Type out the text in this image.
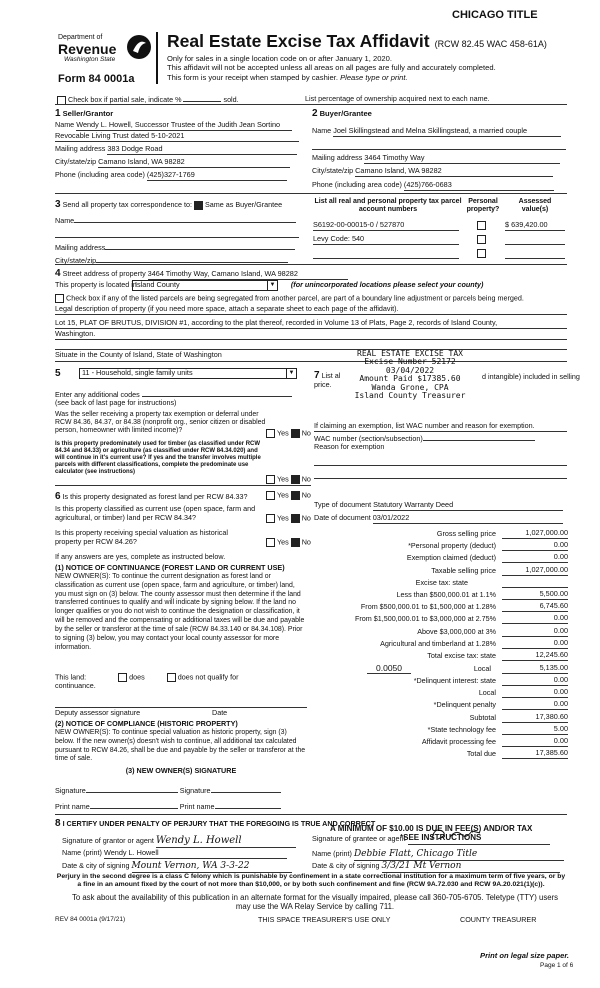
CHICAGO TITLE
Department of
Revenue
Washington State
Form 84 0001a
Real Estate Excise Tax Affidavit (RCW 82.45 WAC 458-61A)
Only for sales in a single location code on or after January 1, 2020.
This affidavit will not be accepted unless all areas on all pages are fully and accurately completed.
This form is your receipt when stamped by cashier. Please type or print.
Check box if partial sale, indicate %	sold.	List percentage of ownership acquired next to each name.
1 Seller/Grantor
Name Wendy L. Howell, Successor Trustee of the Judith Jean Sortino
Revocable Living Trust dated 5-10-2021
Mailing address 383 Dodge Road
City/state/zip Camano Island, WA 98282
Phone (including area code) (425)327-1769
2 Buyer/Grantee
Name Joel Skillingstead and Melna Skillingstead, a married couple
Mailing address 3464 Timothy Way
City/state/zip Camano Island, WA 98282
Phone (including area code) (425)766-0683
3 Send all property tax correspondence to: Same as Buyer/Grantee
Name
Mailing address
City/state/zip
List all real and personal property tax parcel account numbers
Personal property?
Assessed value(s)
S6192-00-00015-0 / 527870	$ 639,420.00
Levy Code: 540
4 Street address of property 3464 Timothy Way, Camano Island, WA 98282
This property is located in
Island County	▼ (for unincorporated locations please select your county)
Check box if any of the listed parcels are being segregated from another parcel, are part of a boundary line adjustment or parcels being merged.
Legal description of property (if you need more space, attach a separate sheet to each page of the affidavit).
Lot 15, PLAT OF BRUTUS, DIVISION #1, according to the plat thereof, recorded in Volume 13 of Plats, Page 2, records of Island County,
Washington.
Situate in the County of Island, State of Washington	REAL ESTATE EXCISE TAX
Excise Number 52172
03/04/2022
Amount Paid $17385.60
Wanda Grone, CPA
Island County Treasurer
5	11 - Household, single family units	▼
Enter any additional codes
(see back of last page for instructions)
Was the seller receiving a property tax exemption or deferral under RCW 84.36, 84.37, or 84.38 (nonprofit org., senior citizen or disabled person, homeowner with limited income)?	Yes No
Is this property predominately used for timber (as classified under RCW 84.34 and 84.33) or agriculture (as classified under RCW 84.34.020) and will continue in it's current use? If yes and the transfer involves multiple parcels with different classifications, complete the predominate use calculator (see instructions)
Yes No
7 List al
price.
d intangible) included in selling
If claiming an exemption, list WAC number and reason for exemption.
WAC number (section/subsection)
Reason for exemption
Type of document Statutory Warranty Deed
Date of document 03/01/2022
6 Is this property designated as forest land per RCW 84.33?	Yes No
Is this property classified as current use (open space, farm and agricultural, or timber) land per RCW 84.34?	Yes No
Is this property receiving special valuation as historical property per RCW 84.26?	Yes No
If any answers are yes, complete as instructed below.
(1) NOTICE OF CONTINUANCE (FOREST LAND OR CURRENT USE)
NEW OWNER(S): To continue the current designation as forest land or classification as current use (open space, farm and agriculture, or timber) land, you must sign on (3) below. The county assessor must then determine if the land transferred continues to qualify and will indicate by signing below. If the land no longer qualifies or you do not wish to continue the designation or classification, it will be removed and the compensating or additional taxes will be due and payable by the seller or transferor at the time of sale (RCW 84.33.140 or 84.34.108). Prior to signing (3) below, you may contact your local county assessor for more information.
This land:	does	does not qualify for
continuance.
Deputy assessor signature	Date
(2) NOTICE OF COMPLIANCE (HISTORIC PROPERTY)
NEW OWNER(S): To continue special valuation as historic property, sign (3) below. If the new owner(s) doesn't wish to continue, all additional tax calculated pursuant to RCW 84.26, shall be due and payable by the seller or transferor at the time of sale.
(3) NEW OWNER(S) SIGNATURE
Signature	Signature
Print name	Print name
Gross selling price	1,027,000.00
*Personal property (deduct)	0.00
Exemption claimed (deduct)	0.00
Taxable selling price	1,027,000.00
Excise tax: state
Less than $500,000.01 at 1.1%	5,500.00
From $500,000.01 to $1,500,000 at 1.28%	6,745.60
From $1,500,000.01 to $3,000,000 at 2.75%	0.00
Above $3,000,000 at 3%	0.00
Agricultural and timberland at 1.28%	0.00
Total excise tax: state	12,245.60
0.0050	Local	5,135.00
*Delinquent interest: state	0.00
Local	0.00
*Delinquent penalty	0.00
Subtotal	17,380.60
*State technology fee	5.00
Affidavit processing fee	0.00
Total due	17,385.60
A MINIMUM OF $10.00 IS DUE IN FEE(S) AND/OR TAX
*SEE INSTRUCTIONS
8 I CERTIFY UNDER PENALTY OF PERJURY THAT THE FOREGOING IS TRUE AND CORRECT
Signature of grantor or agent Wendy L. Howell
Name (print) Wendy L. Howell
Date & city of signing Mount Vernon, WA 3-3-22
Signature of grantee or agent
Name (print) Debbie Flatt, Chicago Title
Date & city of signing 3/3/21 Mt Vernon
Perjury in the second degree is a class C felony which is punishable by confinement in a state correctional institution for a maximum term of five years, or by a fine in an amount fixed by the court of not more than $10,000, or by both such confinement and fine (RCW 9A.72.030 and RCW 9A.20.021(1)(c)).
To ask about the availability of this publication in an alternate format for the visually impaired, please call 360-705-6705. Teletype (TTY) users may use the WA Relay Service by calling 711.
REV 84 0001a (9/17/21)	THIS SPACE TREASURER'S USE ONLY	COUNTY TREASURER
Print on legal size paper.
Page 1 of 6
